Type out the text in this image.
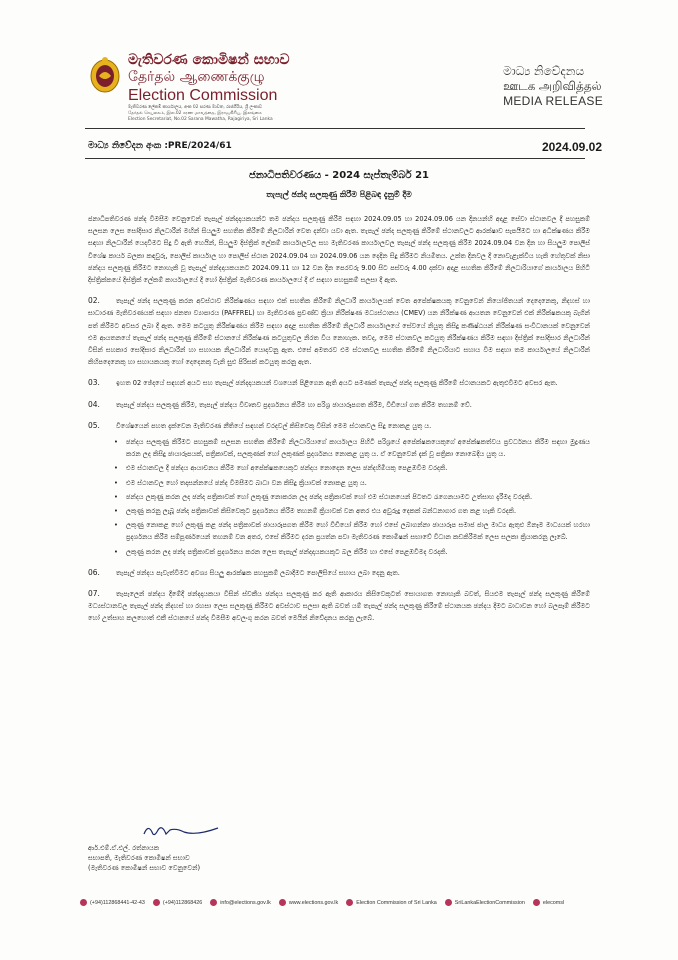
මැතිවරණ කොමිෂන් සභාව
தேர்தல் ஆணைக்குழு
Election Commission
මැතිවරණ ලේකම් කාර්යාලය, අංක 02 සරණ මාවත, රාජගිරිය, ශ්‍රී ලංකාව
தேர்தல் செயலகம், இல.02 சரண மாவத்தை, இராஜகிரிய, இலங்கை
Election Secretariat, No.02 Sarana Mawatha, Rajagiriya, Sri Lanka
මාධ්‍ය නිවේදනය
ஊடக அறிவித்தல்
MEDIA RELEASE
මාධ්‍ය නිවේදන අංක :PRE/2024/61	2024.09.02
ජනාධිපතිවරණය - 2024 සැප්තැම්බර් 21
තැපැල් ඡන්ද සලකුණු කිරීම පිළිබඳ දැනුම් දීම

ජනාධිපතිවරණ ඡන්ද විමසීම වෙනුවෙන් තැපැල් ඡන්දදායකයන්ට තම ඡන්දය සලකුණු කිරීම සඳහා 2024.09.05 හා 2024.09.06 යන දිනයන්හි අදාළ සේවා ස්ථානවල දී පහසුකම් සලසන ලෙස සෝදිසාර නිලධාරීන් මඟින් සියලුම සහතික කිරීමේ නිලධාරීන් වෙත දන්වා යවා ඇත. තැපැල් ඡන්ද සලකුණු කිරීමේ ස්ථානවලට ආරක්ෂාව සැපයීමට හා අධීක්ෂණය කිරීම සඳහා නිලධාරීන් යෙදවීමට සිදු වී ඇති හෙයින්, සියලුම දිස්ත්‍රික් ලේකම් කාර්යාලවල සහ මැතිවරණ කාර්යාලවල තැපැල් ඡන්ද සලකුණු කිරීම 2024.09.04 වන දින හා සියලුම පොලිස් විශේෂ කාර්ය බලකා කඳවුරු, පොලිස් කාර්යාල හා පොලිස් ස්ථාන 2024.09.04 හා 2024.09.06 යන දෙදින සිදු කිරීමට නියමිතය. උක්ත දිනවල දී නොවැළැක්විය හැකි හේතුවක් නිසා ඡන්දය සලකුණු කිරීමට නොහැකි වූ තැපැල් ඡන්දදායකයනට 2024.09.11 හා 12 වන දින පෙරවරු 9.00 සිට පස්වරු 4.00 දක්වා අදාළ සහතික කිරීමේ නිලධාරියාගේ කාර්යාලය පිහිටි දිස්ත්‍රික්කයේ දිස්ත්‍රික් ලේකම් කාර්යාලයේ දී හෝ දිස්ත්‍රික් මැතිවරණ කාර්යාලයේ දී ඒ සඳහා පහසුකම් සලසා දී ඇත.

02. තැපැල් ඡන්ද සලකුණු කරන අවස්ථාව නිරීක්ෂණය සඳහා එක් සහතික කිරීමේ නිලධාරී කාර්යාලයක් වෙත අපේක්ෂකයකු වෙනුවෙන් නියෝජිතයන් දෙදෙනෙකු, නිදහස් හා සාධාරණ මැතිවරණයක් සඳහා ජනතා ව්‍යාපාරය (PAFFREL) හා මැතිවරණ ප්‍රචණ්ඩ ක්‍රියා නිරීක්ෂණ මධ්‍යස්ථානය (CMEV) යන නිරීක්ෂණ ආයතන වෙනුවෙන් එක් නිරීක්ෂකයකු බැගින් පත් කිරීමට අවසර ලබා දී ඇත. මෙම කටයුතු නිරීක්ෂණය කිරීම සඳහා අදාළ සහතික කිරීමේ නිලධාරී කාර්යාලයේ සේවයේ නියුතු කිසිදු කණිෂ්ඨයන් නිරීක්ෂණ සංවිධානයක් වෙනුවෙන් එම ආයතනයේ තැපැල් ඡන්ද සලකුණු කිරීමේ ස්ථානයේ නිරීක්ෂණ කටයුතුවල නිරත විය නොහැක. තවද, මෙම ස්ථානවල කටයුතු නිරීක්ෂණය කිරීම සඳහා දිස්ත්‍රික් සෝදිසාර නිලධාරීන් විසින් සහකාර සෝදිසාර නිලධාරීන් හා සහායක නිලධාරීන් යොදවනු ඇත. එසේ අමතරව එම ස්ථානවල සහතික කිරීමේ නිලධාරියාට සහාය වීම සඳහා තම කාර්යාලයේ නිලධාරීන් කිහිපදෙනෙකු හා සහායකයකු හෝ දෙදෙනකු වැනි සුළු පිරිසක් කටයුතු කරනු ඇත.

03. ඉහත 02 ඡේදයේ සඳහන් අයට සහ තැපැල් ඡන්දදායකයන් වශයෙන් පිළිගෙන ඇති අයට පමණක් තැපැල් ඡන්ද සලකුණු කිරීමේ ස්ථානයකට ඇතුළුවීමට අවසර ඇත.

04. තැපැල් ඡන්දය සලකුණු කිරීම, තැපැල් ඡන්දය විවෘතව ප්‍රදර්ශනය කිරීම හා පරිශ්‍ර ඡායාරූපගත කිරීම, වීඩියෝ ගත කිරීම තහනම් වේ.

05. විශේෂයෙන් පහත දැක්වෙන මැතිවරණ නීතියේ සඳහන් වරදවල් කිසිවෙකු විසින් මෙම ස්ථානවල සිදු නොකළ යුතු ය.

• ඡන්දය සලකුණු කිරීමට පහසුකම් සලසන සහතික කිරීමේ නිලධාරියාගේ කාර්යාලය පිහිටි පරිශ්‍රයේ අපේක්ෂකයෙකුගේ අපේක්ෂකත්වය ප්‍රවර්ධනය කිරීම සඳහා මුද්‍රණය කරන ලද කිසිදු ඡායාරූපයක්, පත්‍රිකාවක්, සලකුණක් හෝ ලකුණක් ප්‍රදර්ශනය නොකළ යුතු ය. ඒ වෙනුවෙන් දැක් වූ පත්‍රිකා නොබෙදිය යුතු ය.
• එම ස්ථානවල දී ඡන්දය ආයාචනය කිරීම හෝ අපේක්ෂකයෙකුට ඡන්දය නොදෙන ලෙස ඡන්දහිමියකු පෙළඹවීම වරදකි.
• එම ස්ථානවල හෝ තදාසන්නයේ ඡන්ද විමසීමට බාධා වන කිසිදු ක්‍රියාවක් නොකළ යුතු ය.
• ඡන්දය ලකුණු කරන ලද ඡන්ද පත්‍රිකාවක් හෝ ලකුණු නොකරන ලද ඡන්ද පත්‍රිකාවක් හෝ එම ස්ථානයෙන් පිටතට රැගෙනයාමට උත්සාහ දැරීමද වරදකි.
• ලකුණු කරනු ලැබූ ඡන්ද පත්‍රිකාවක් කිසිවෙකුට ප්‍රදර්ශනය කිරීම තහනම් ක්‍රියාවක් වන අතර එය අවුරුදු දෙකක් බන්ධනාගාර ගත කළ හැකි වරදකි.
• ලකුණු නොකළ හෝ ලකුණු කළ ඡන්ද පත්‍රිකාවක් ඡායාරූපගත කිරීම හෝ වීඩියෝ කිරීම හෝ එසේ ලබාගන්නා ඡායාරූප සමාජ ජාල මාධ්‍ය ඇතුළු ඕනෑම මාධ්‍යයක් හරහා ප්‍රදර්ශනය කිරීම සම්පූර්ණයෙන් තහනම් වන අතර, එසේ කිරීමට දරන ප්‍රයත්න පවා මැතිවරණ කොමිෂන් සභාවේ විධාන කඩකිරීමක් ලෙස සලකා ක්‍රියාකරනු ලැබේ.
• ලකුණු කරන ලද ඡන්ද පත්‍රිකාවක් ප්‍රදර්ශනය කරන ලෙස තැපැල් ඡන්දදායකයකුට බල කිරීම හා එසේ පෙළඹවීමද වරදකි.

06. තැපැල් ඡන්දය පැවැත්වීමට අවශ්‍ය සියලු ආරක්ෂක පහසුකම් ලබාදීමට පොලිසියේ සහාය ලබා දෙනු ඇත.

07. තැපැලෙන් ඡන්දය දීමේදී ඡන්දදායකයා විසින් ස්වකීය ඡන්දය සලකුණු කර ඇති ආකාරය කිසිවෙකුටත් සොයාගත නොහැකි බවත්, සියළුම තැපැල් ඡන්ද සලකුණු කිරීමේ මධ්‍යස්ථානවල තැපැල් ඡන්ද නිදහස් හා රහසා ලෙස සලකුණු කිරීමට අවස්ථාව සලසා ඇති බවත් යම් තැපැල් ඡන්ද සලකුණු කිරීමේ ස්ථානයක ඡන්දය දීමට බාධාවන හෝ බලපෑම් කිරීමට හෝ උත්සාහ කලහොත් එකී ස්ථානයේ ඡන්ද විමසීම අවලංගු කරන බවත් මෙයින් නිවේදනය කරනු ලැබේ.

ආර්.එම්.ඒ.එල්. රත්නායක
සභාපති, මැතිවරණ කොමිෂන් සභාව
(මැතිවරණ කොමිෂන් සභාව වෙනුවෙන්)
(+94)112868441-42-43	(+94)112868426	info@elections.gov.lk	www.elections.gov.lk	Election Commission of Sri Lanka	SriLankaElectionCommission	elecomsl
